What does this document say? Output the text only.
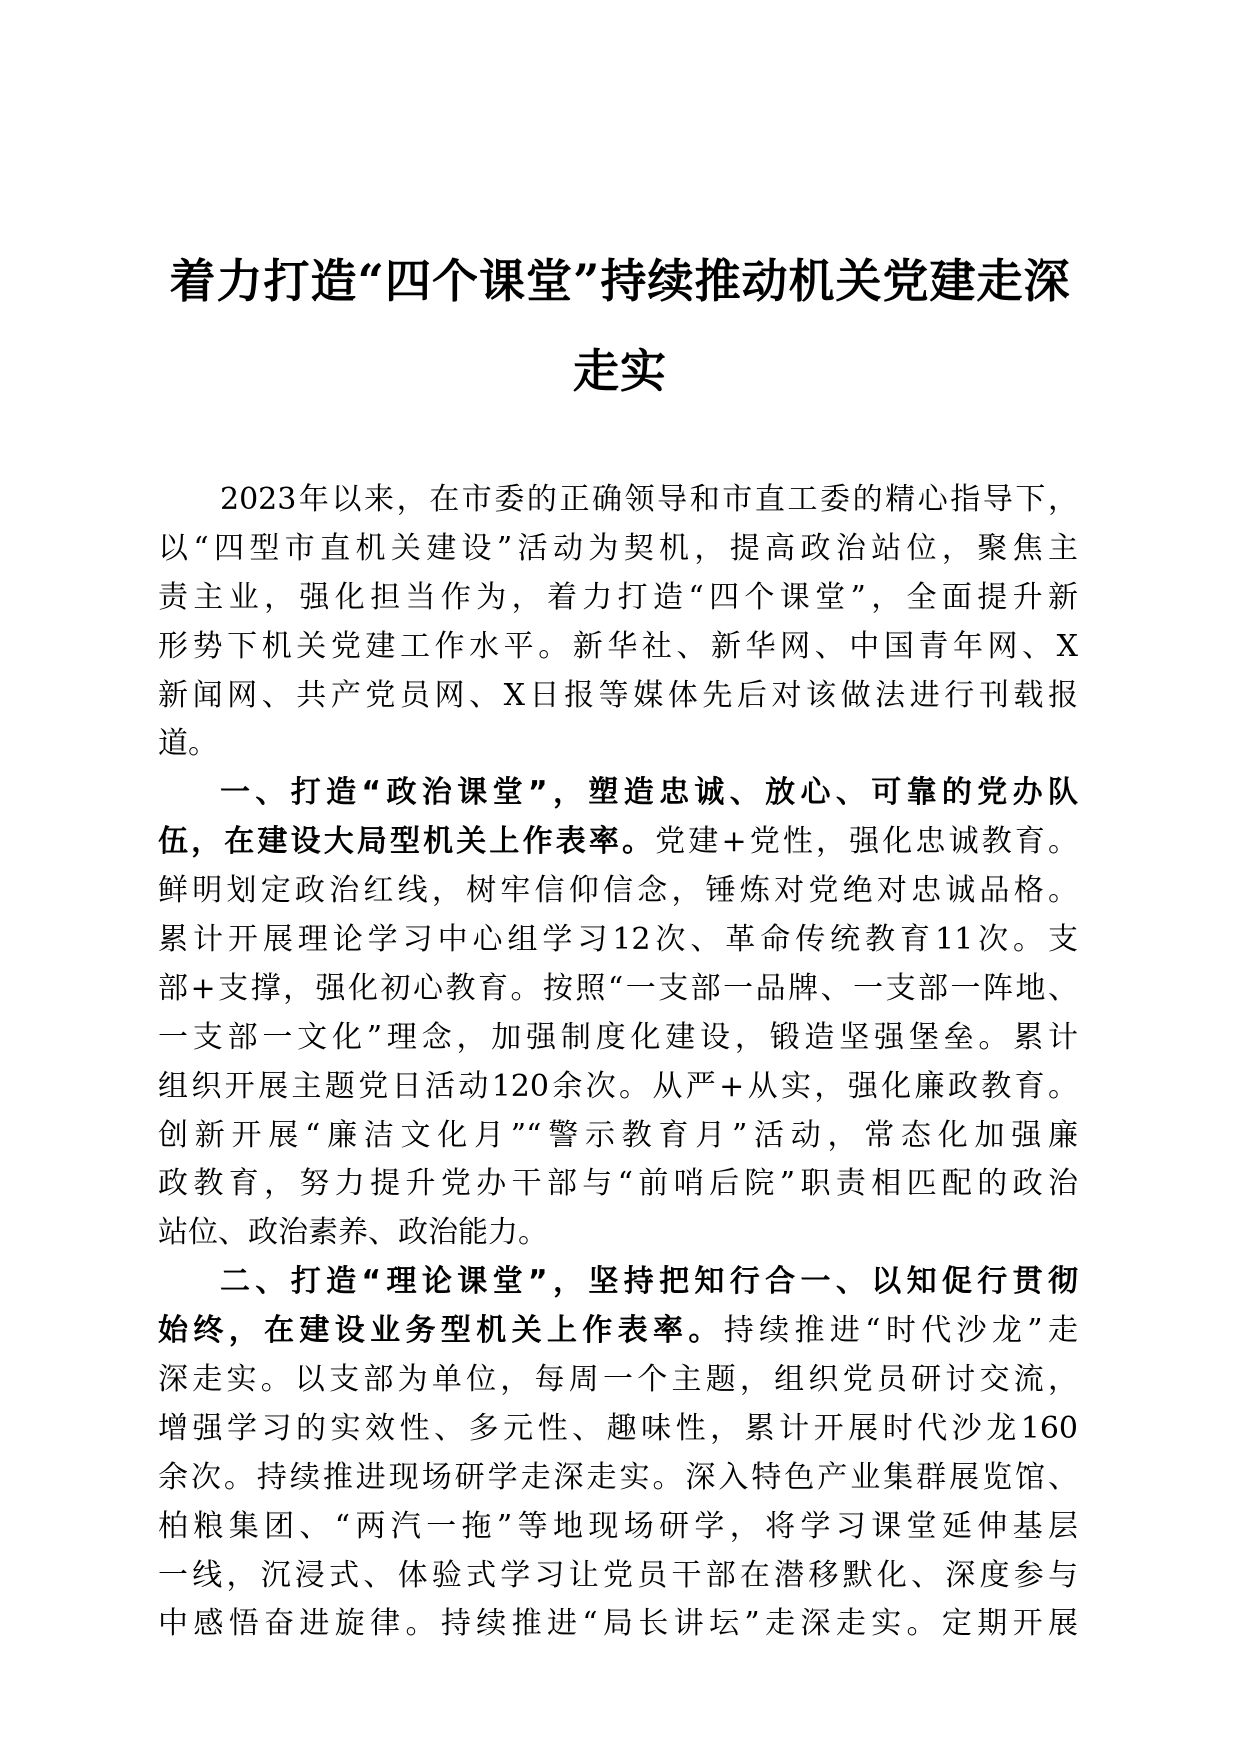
着力打造“四个课堂”持续推动机关党建走深
走实
2023年以来，在市委的正确领导和市直工委的精心指导下，
以“四型市直机关建设”活动为契机，提高政治站位，聚焦主
责主业，强化担当作为，着力打造“四个课堂”，全面提升新
形势下机关党建工作水平。新华社、新华网、中国青年网、X
新闻网、共产党员网、X日报等媒体先后对该做法进行刊载报
道。
一、打造“政治课堂”，塑造忠诚、放心、可靠的党办队
伍，在建设大局型机关上作表率。党建+党性，强化忠诚教育。
鲜明划定政治红线，树牢信仰信念，锤炼对党绝对忠诚品格。
累计开展理论学习中心组学习12次、革命传统教育11次。支
部+支撑，强化初心教育。按照“一支部一品牌、一支部一阵地、
一支部一文化”理念，加强制度化建设，锻造坚强堡垒。累计
组织开展主题党日活动120余次。从严+从实，强化廉政教育。
创新开展“廉洁文化月”“警示教育月”活动，常态化加强廉
政教育，努力提升党办干部与“前哨后院”职责相匹配的政治
站位、政治素养、政治能力。
二、打造“理论课堂”，坚持把知行合一、以知促行贯彻
始终，在建设业务型机关上作表率。持续推进“时代沙龙”走
深走实。以支部为单位，每周一个主题，组织党员研讨交流，
增强学习的实效性、多元性、趣味性，累计开展时代沙龙160
余次。持续推进现场研学走深走实。深入特色产业集群展览馆、
柏粮集团、“两汽一拖”等地现场研学，将学习课堂延伸基层
一线，沉浸式、体验式学习让党员干部在潜移默化、深度参与
中感悟奋进旋律。持续推进“局长讲坛”走深走实。定期开展
